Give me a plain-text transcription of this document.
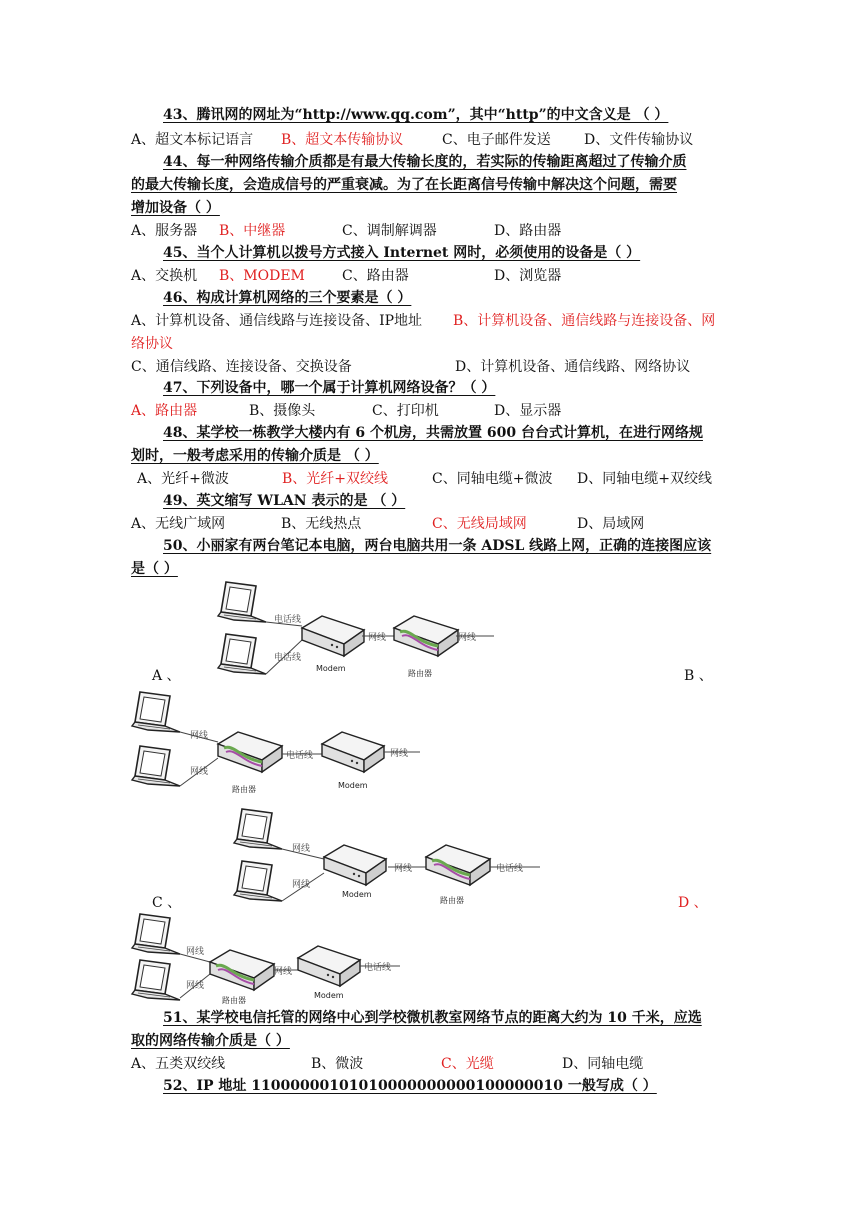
43、腾讯网的网址为“http://www.qq.com”，其中“http”的中文含义是 （ ）
A、超文本标记语言 B、超文本传输协议	C、电子邮件发送 D、文件传输协议
44、每一种网络传输介质都是有最大传输长度的，若实际的传输距离超过了传输介质
的最大传输长度，会造成信号的严重衰减。为了在长距离信号传输中解决这个问题，需要
增加设备（ ）
A、服务器 B、中继器	C、调制解调器	D、路由器
45、当个人计算机以拨号方式接入 Internet 网时，必须使用的设备是（ ）
A、交换机 B、MODEM	C、路由器	D、浏览器
46、构成计算机网络的三个要素是（ ）
A、计算机设备、通信线路与连接设备、IP地址 B、计算机设备、通信线路与连接设备、网
络协议
C、通信线路、连接设备、交换设备	D、计算机设备、通信线路、网络协议
47、下列设备中，哪一个属于计算机网络设备？（ ）
A、路由器	B、摄像头	C、打印机	D、显示器
48、某学校一栋教学大楼内有 6 个机房，共需放置 600 台台式计算机，在进行网络规
划时，一般考虑采用的传输介质是 （ ）
A、光纤+微波	B、光纤+双绞线	C、同轴电缆+微波 D、同轴电缆+双绞线
49、英文缩写 WLAN 表示的是 （ ）
A、无线广域网	B、无线热点	C、无线局域网	D、局域网
50、小丽家有两台笔记本电脑，两台电脑共用一条 ADSL 线路上网，正确的连接图应该
是（ ）
电话线
电话线
Modem
网线
路由器
网线
A 、	B 、
网线
网线
路由器
电话线
Modem
网线
网线
网线
Modem
网线
路由器
电话线
C 、	D 、
网线
网线
路由器
网线
Modem
电话线
51、某学校电信托管的网络中心到学校微机教室网络节点的距离大约为 10 千米，应选
取的网络传输介质是（ ）
A、五类双绞线	B、微波	C、光缆	D、同轴电缆
52、IP 地址 11000000101010000000000100000010 一般写成（ ）
